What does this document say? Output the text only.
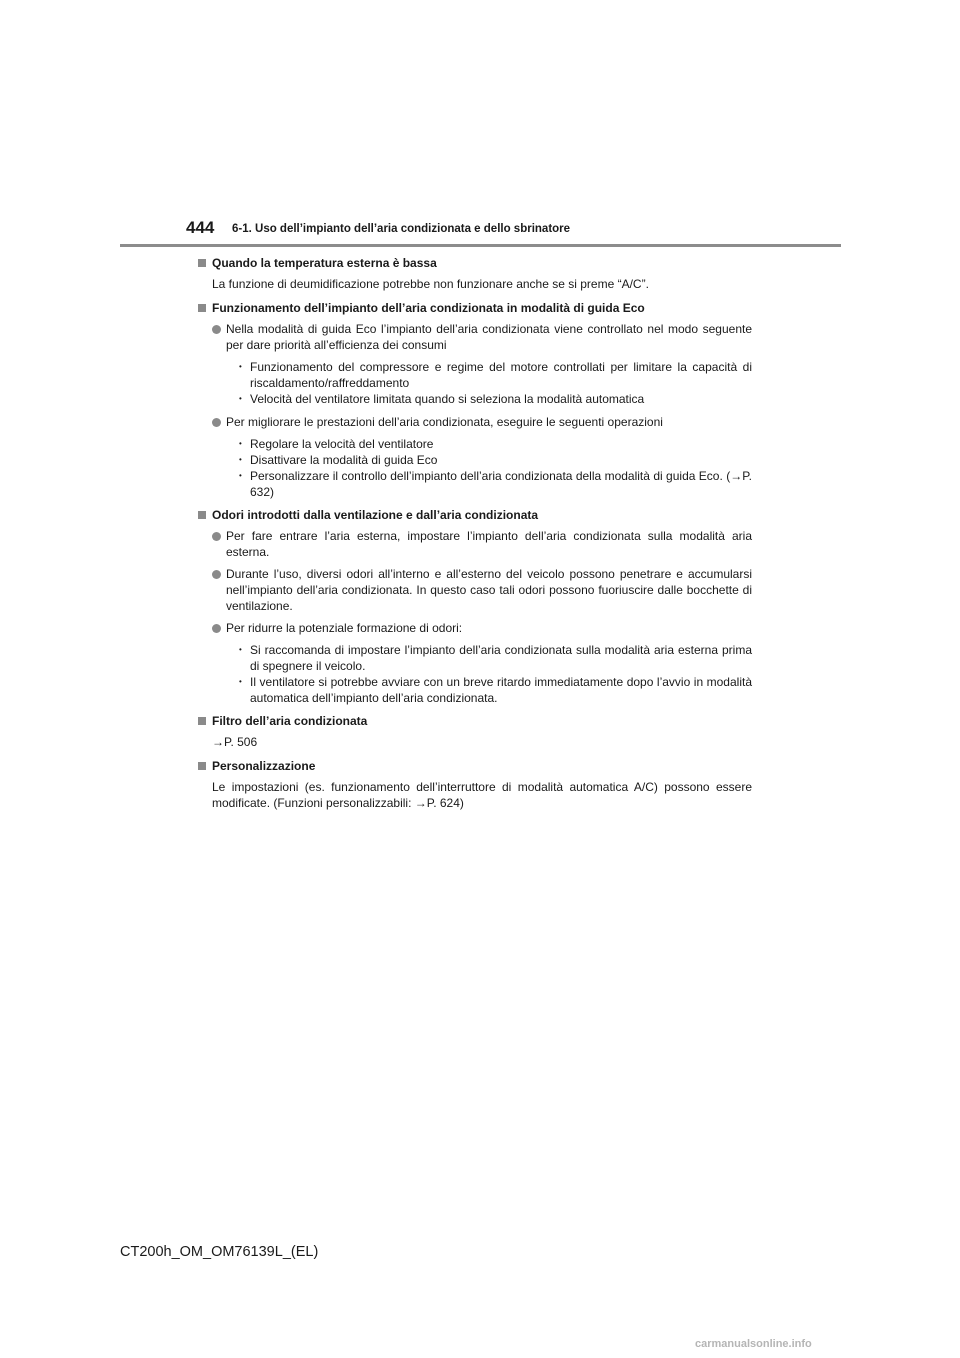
444 6-1. Uso dell’impianto dell’aria condizionata e dello sbrinatore
Quando la temperatura esterna è bassa

La funzione di deumidificazione potrebbe non funzionare anche se si preme “A/C”.

Funzionamento dell’impianto dell’aria condizionata in modalità di guida Eco
Nella modalità di guida Eco l’impianto dell’aria condizionata viene controllato nel modo seguente per dare priorità all’efficienza dei consumi
• Funzionamento del compressore e regime del motore controllati per limitare la capacità di riscaldamento/raffreddamento
• Velocità del ventilatore limitata quando si seleziona la modalità automatica
Per migliorare le prestazioni dell’aria condizionata, eseguire le seguenti operazioni
• Regolare la velocità del ventilatore
• Disattivare la modalità di guida Eco
• Personalizzare il controllo dell’impianto dell’aria condizionata della modalità di guida Eco. (→P. 632)
Odori introdotti dalla ventilazione e dall’aria condizionata
Per fare entrare l’aria esterna, impostare l’impianto dell’aria condizionata sulla modalità aria esterna.
Durante l’uso, diversi odori all’interno e all’esterno del veicolo possono penetrare e accumularsi nell’impianto dell’aria condizionata. In questo caso tali odori possono fuoriuscire dalle bocchette di ventilazione.
Per ridurre la potenziale formazione di odori:
• Si raccomanda di impostare l’impianto dell’aria condizionata sulla modalità aria esterna prima di spegnere il veicolo.
• Il ventilatore si potrebbe avviare con un breve ritardo immediatamente dopo l’avvio in modalità automatica dell’impianto dell’aria condizionata.
Filtro dell’aria condizionata

→P. 506

Personalizzazione

Le impostazioni (es. funzionamento dell’interruttore di modalità automatica A/C) possono essere modificate. (Funzioni personalizzabili: →P. 624)

CT200h_OM_OM76139L_(EL)
carmanualsonline.info
